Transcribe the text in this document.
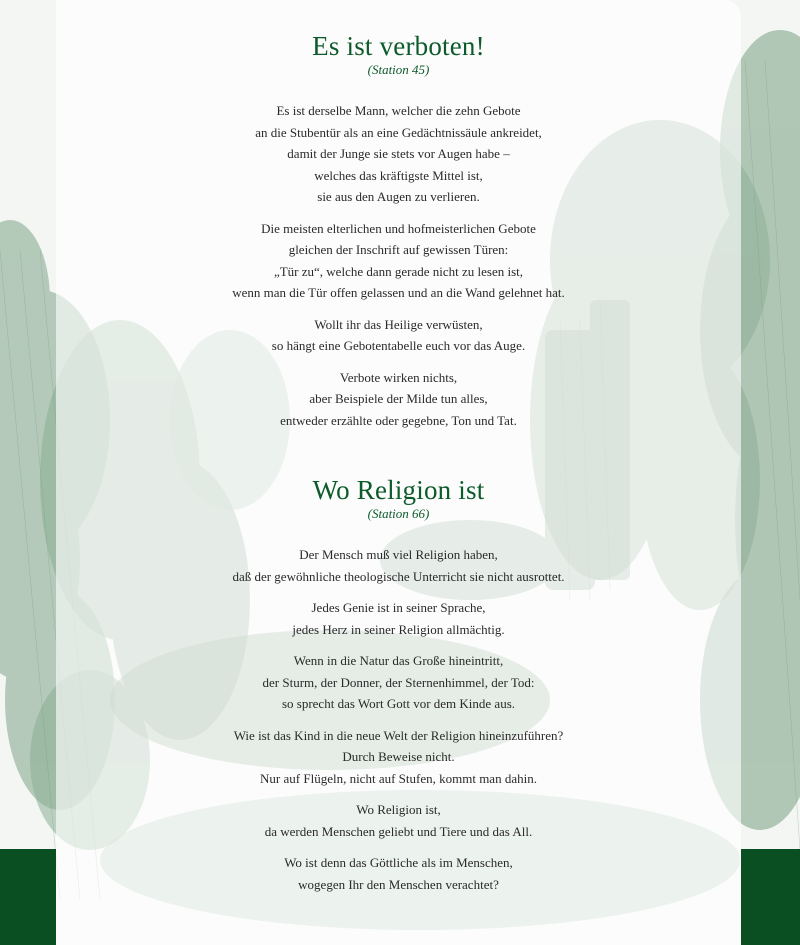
Es ist verboten!

(Station 45)

Es ist derselbe Mann, welcher die zehn Gebote
an die Stubentür als an eine Gedächtnissäule ankreidet,
damit der Junge sie stets vor Augen habe –
welches das kräftigste Mittel ist,
sie aus den Augen zu verlieren.

Die meisten elterlichen und hofmeisterlichen Gebote
gleichen der Inschrift auf gewissen Türen:
„Tür zu“, welche dann gerade nicht zu lesen ist,
wenn man die Tür offen gelassen und an die Wand gelehnet hat.

Wollt ihr das Heilige verwüsten,
so hängt eine Gebotentabelle euch vor das Auge.

Verbote wirken nichts,
aber Beispiele der Milde tun alles,
entweder erzählte oder gegebne, Ton und Tat.

Wo Religion ist

(Station 66)

Der Mensch muß viel Religion haben,
daß der gewöhnliche theologische Unterricht sie nicht ausrottet.

Jedes Genie ist in seiner Sprache,
jedes Herz in seiner Religion allmächtig.

Wenn in die Natur das Große hineintritt,
der Sturm, der Donner, der Sternenhimmel, der Tod:
so sprecht das Wort Gott vor dem Kinde aus.

Wie ist das Kind in die neue Welt der Religion hineinzuführen?
Durch Beweise nicht.
Nur auf Flügeln, nicht auf Stufen, kommt man dahin.

Wo Religion ist,
da werden Menschen geliebt und Tiere und das All.

Wo ist denn das Göttliche als im Menschen,
wogegen Ihr den Menschen verachtet?
